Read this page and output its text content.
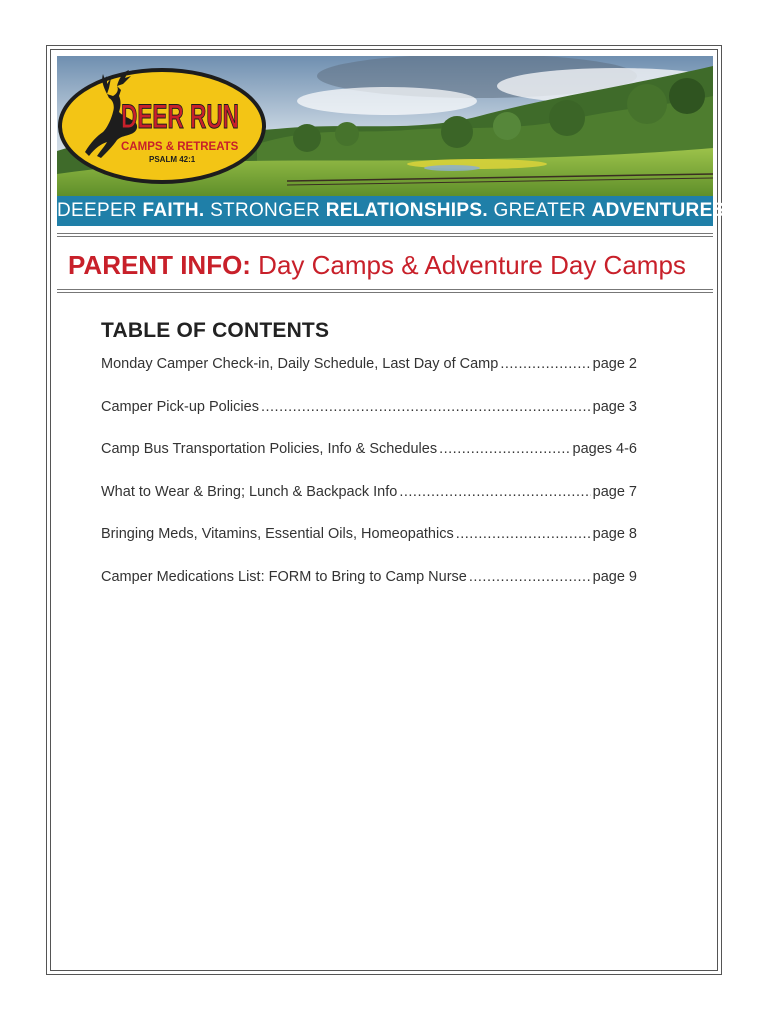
DEER RUN
CAMPS & RETREATS
PSALM 42:1
DEEPER FAITH. STRONGER RELATIONSHIPS. GREATER ADVENTURES.
PARENT INFO: Day Camps & Adventure Day Camps
TABLE OF CONTENTS
Monday Camper Check-in, Daily Schedule, Last Day of Camp .....	page 2
Camper Pick-up Policies .....	page 3
Camp Bus Transportation Policies, Info & Schedules .....	pages 4-6
What to Wear & Bring; Lunch & Backpack Info .....	page 7
Bringing Meds, Vitamins, Essential Oils, Homeopathics .....	page 8
Camper Medications List: FORM to Bring to Camp Nurse .....	page 9
